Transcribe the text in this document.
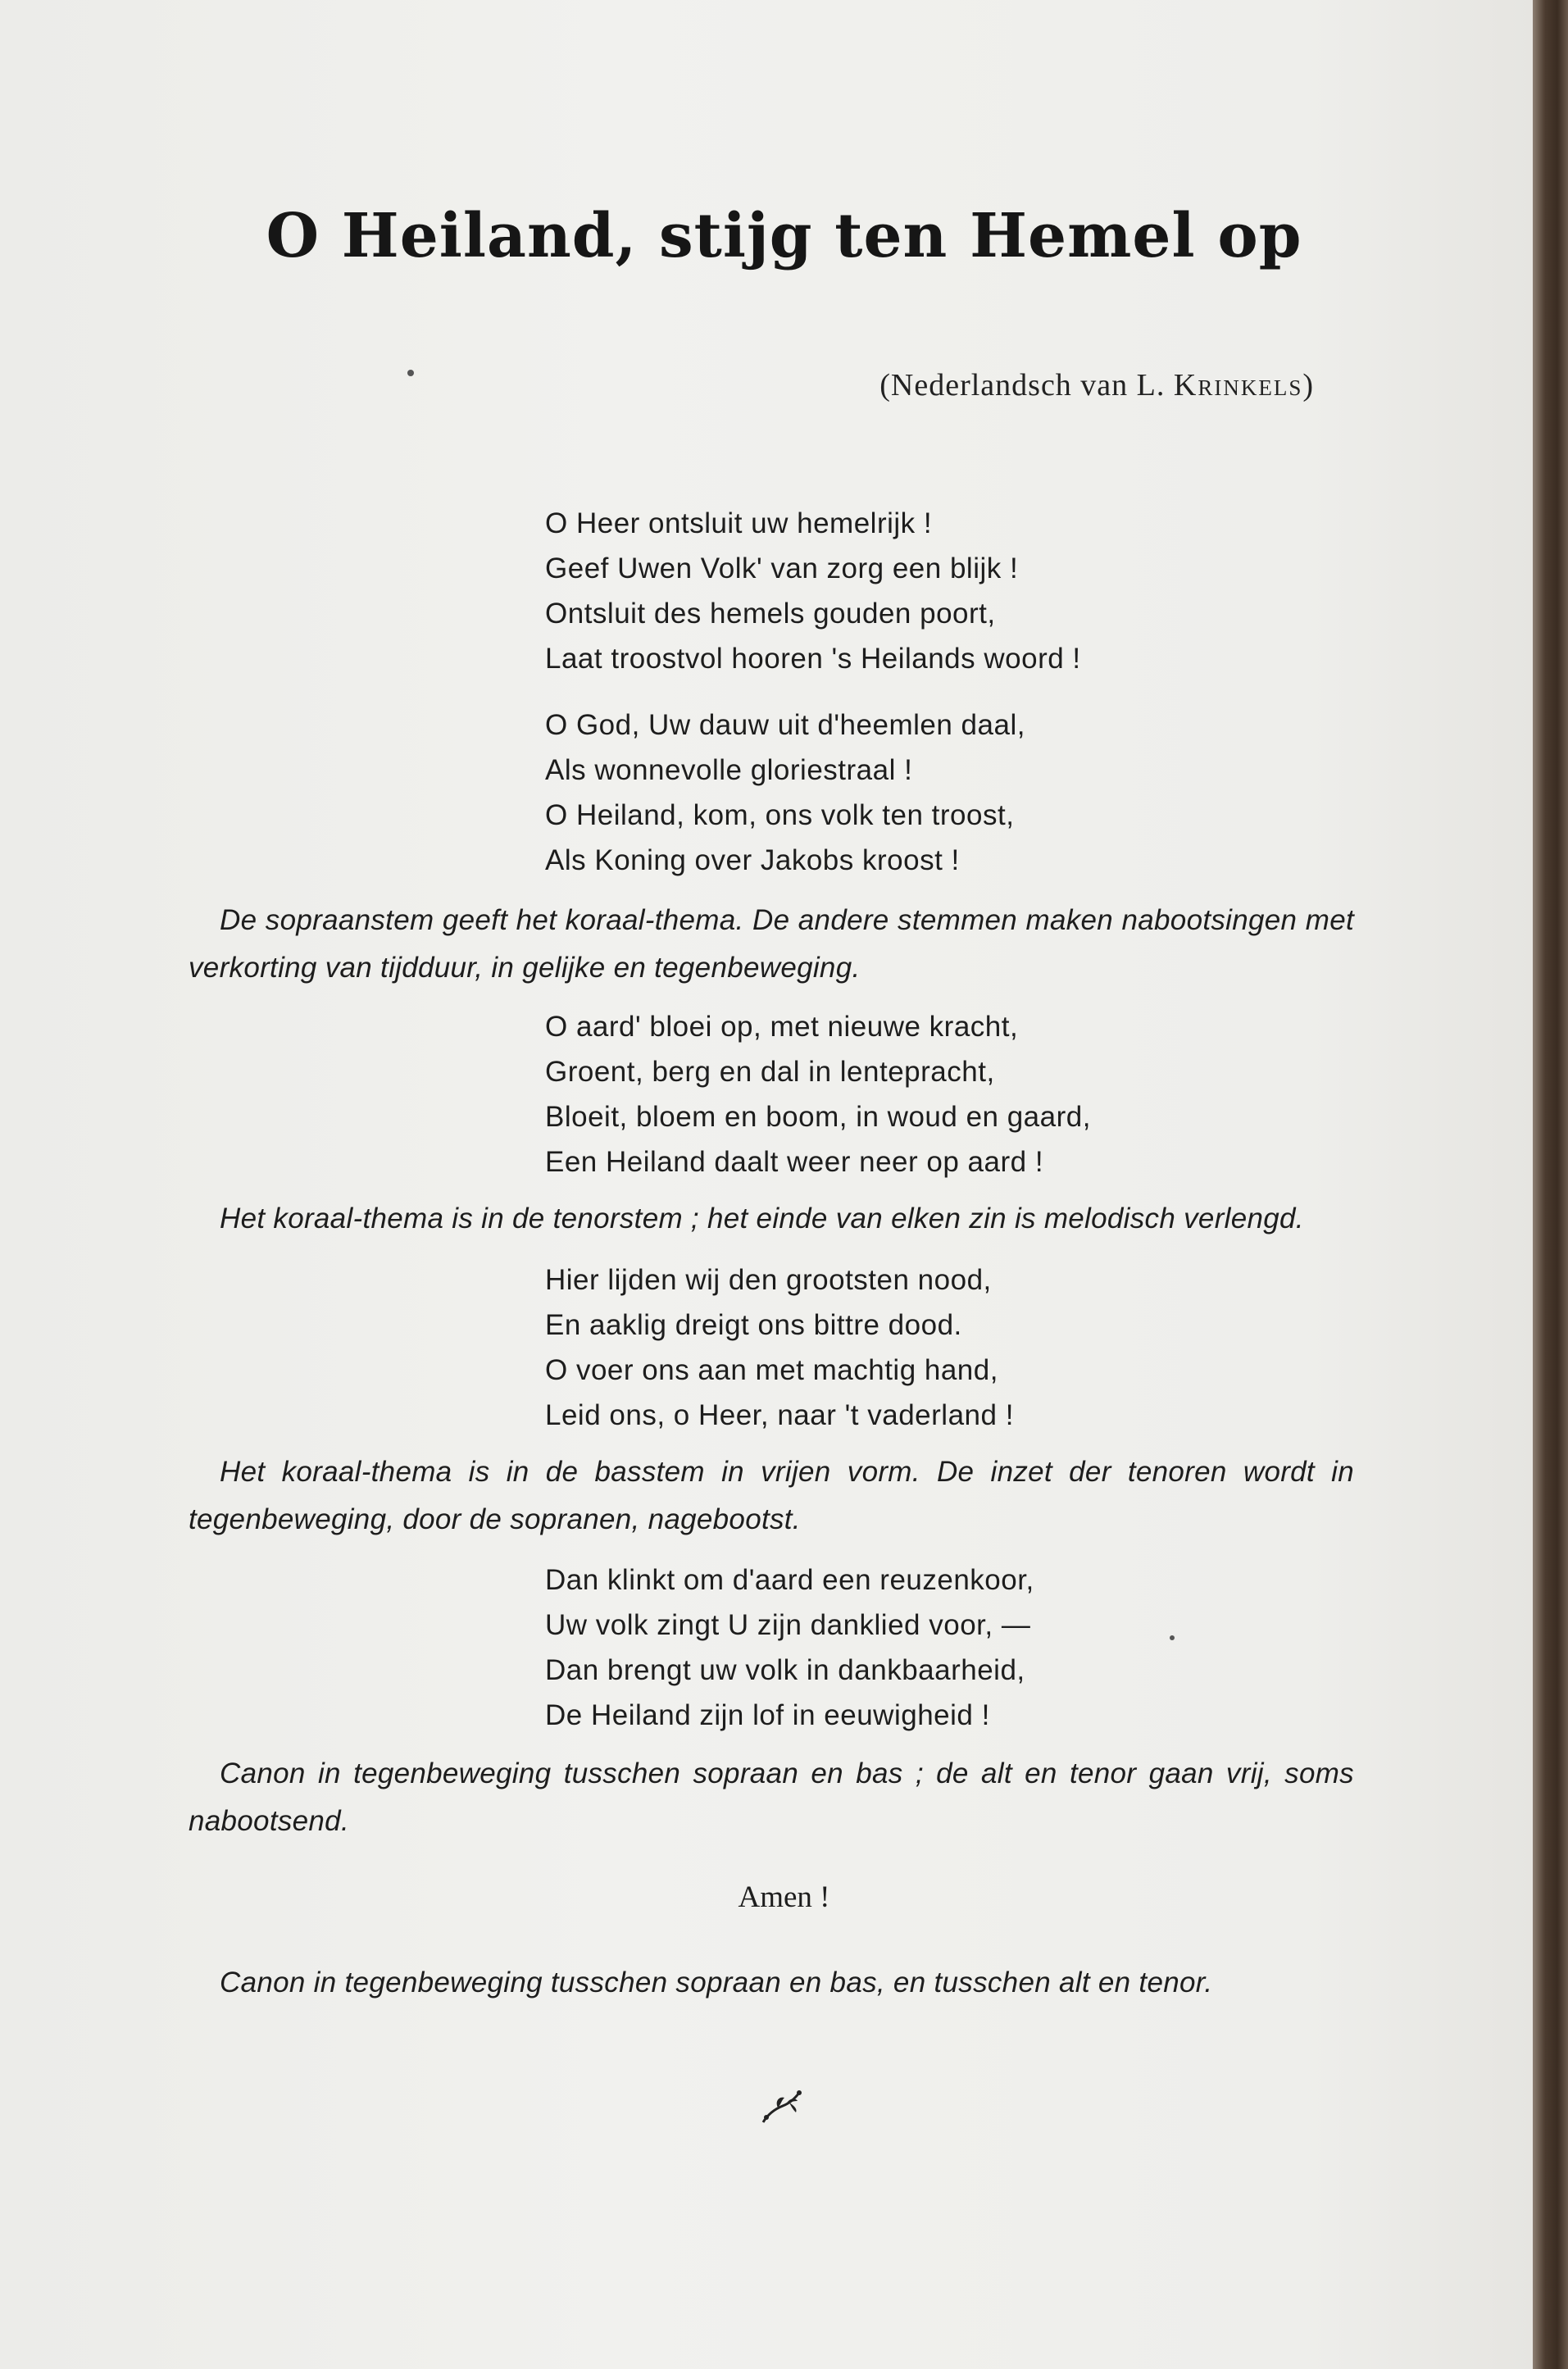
O Heiland, stijg ten Hemel op
(Nederlandsch van L. Krinkels)
O Heer ontsluit uw hemelrijk !
Geef Uwen Volk' van zorg een blijk !
Ontsluit des hemels gouden poort,
Laat troostvol hooren 's Heilands woord !
O God, Uw dauw uit d'heemlen daal,
Als wonnevolle gloriestraal !
O Heiland, kom, ons volk ten troost,
Als Koning over Jakobs kroost !
De sopraanstem geeft het koraal-thema. De andere stemmen maken nabootsingen met verkorting van tijdduur, in gelijke en tegenbeweging.
O aard' bloei op, met nieuwe kracht,
Groent, berg en dal in lentepracht,
Bloeit, bloem en boom, in woud en gaard,
Een Heiland daalt weer neer op aard !
Het koraal-thema is in de tenorstem ; het einde van elken zin is melodisch verlengd.
Hier lijden wij den grootsten nood,
En aaklig dreigt ons bittre dood.
O voer ons aan met machtig hand,
Leid ons, o Heer, naar 't vaderland !
Het koraal-thema is in de basstem in vrijen vorm. De inzet der tenoren wordt in tegenbeweging, door de sopranen, nagebootst.
Dan klinkt om d'aard een reuzenkoor,
Uw volk zingt U zijn danklied voor, —
Dan brengt uw volk in dankbaarheid,
De Heiland zijn lof in eeuwigheid !
Canon in tegenbeweging tusschen sopraan en bas ; de alt en tenor gaan vrij, soms nabootsend.
Amen !
Canon in tegenbeweging tusschen sopraan en bas, en tusschen alt en tenor.
